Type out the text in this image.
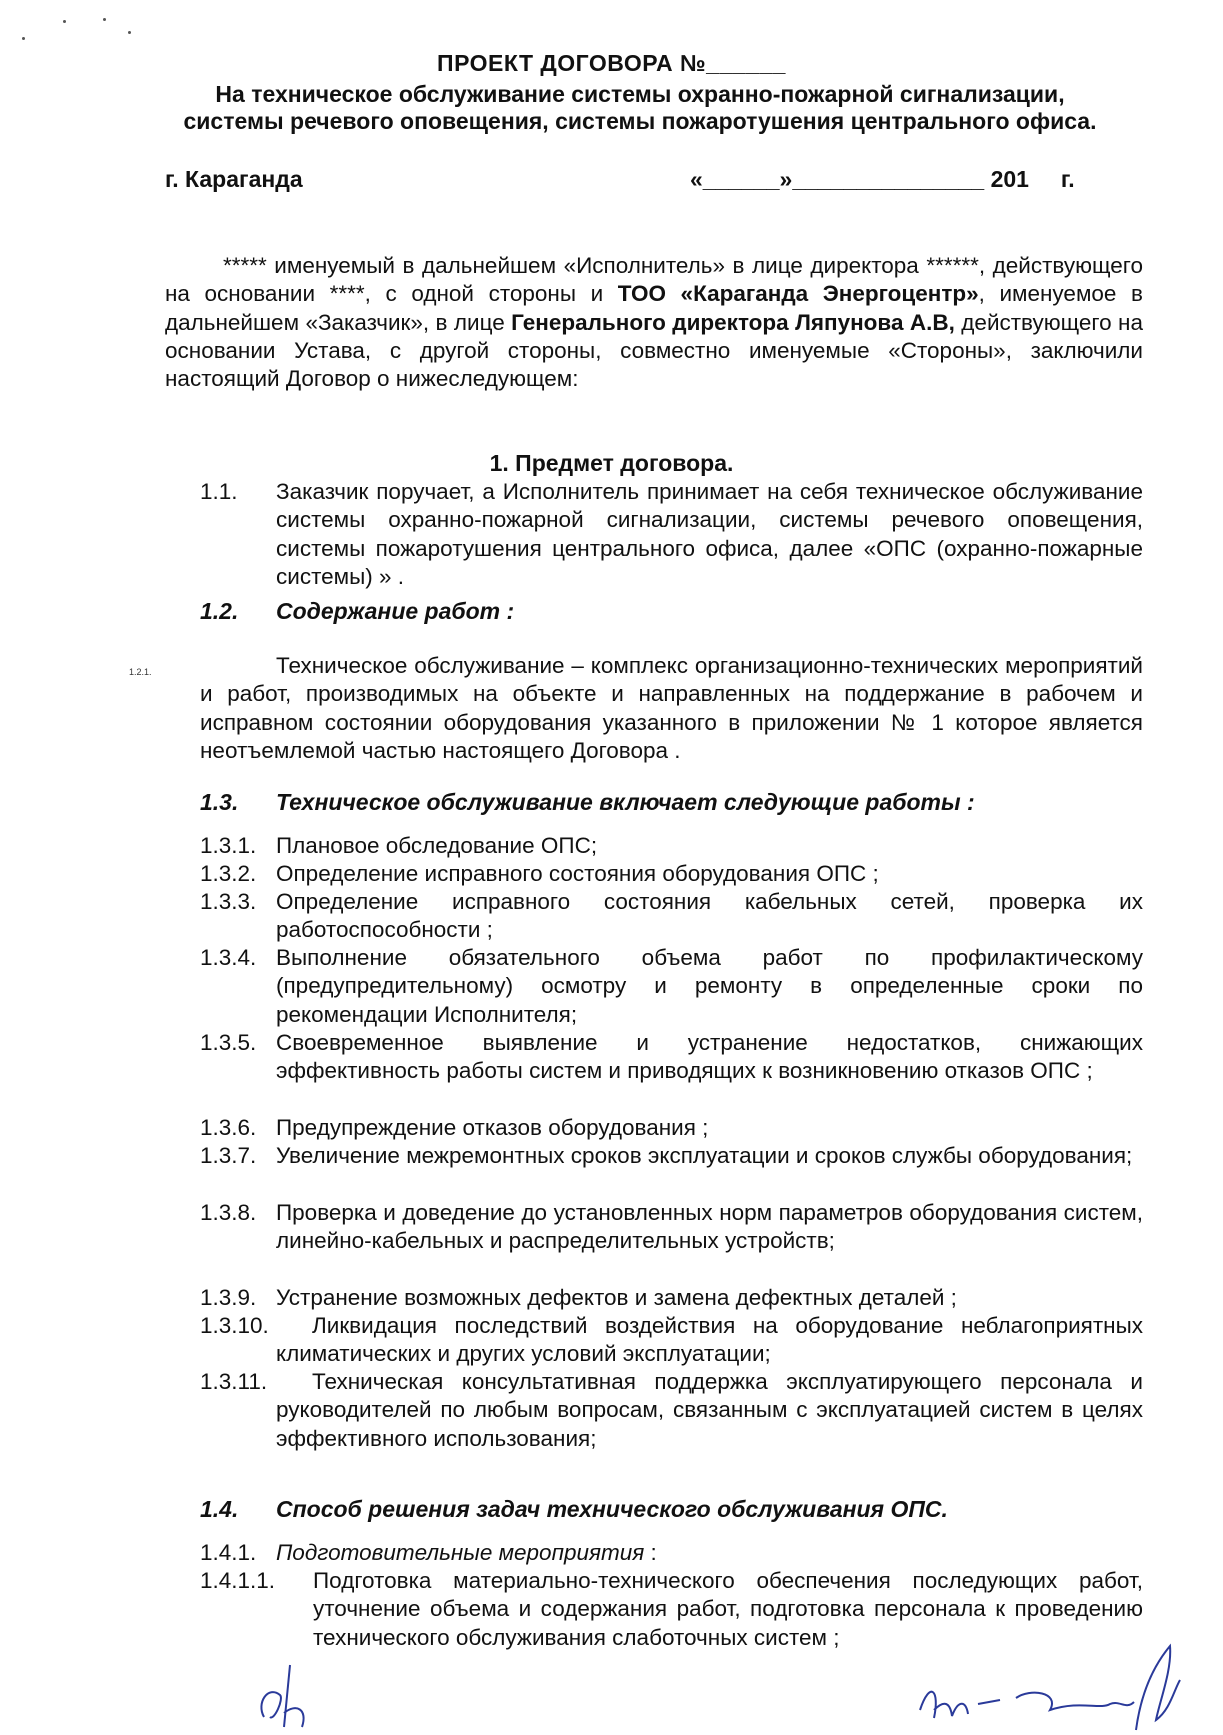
ПРОЕКТ ДОГОВОРА №______
На техническое обслуживание системы охранно-пожарной сигнализации, системы речевого оповещения, системы пожаротушения центрального офиса.
г. Караганда	«______»_______________ 201     г.
***** именуемый в дальнейшем «Исполнитель» в лице директора ******, действующего на основании ****, с одной стороны и ТОО «Караганда Энергоцентр», именуемое в дальнейшем «Заказчик», в лице Генерального директора Ляпунова А.В, действующего на основании Устава, с другой стороны, совместно именуемые «Стороны», заключили настоящий Договор о нижеследующем:
1. Предмет договора.
1.1. Заказчик поручает, а Исполнитель принимает на себя техническое обслуживание системы охранно-пожарной сигнализации, системы речевого оповещения, системы пожаротушения центрального офиса, далее «ОПС (охранно-пожарные системы) » .
1.2. Содержание работ :
1.2.1.	Техническое обслуживание – комплекс организационно-технических мероприятий и работ, производимых на объекте и направленных на поддержание в рабочем и исправном состоянии оборудования указанного в приложении № 1 которое является неотъемлемой частью настоящего Договора .
1.3. Техническое обслуживание включает следующие работы :
1.3.1. Плановое обследование ОПС;
1.3.2. Определение исправного состояния оборудования ОПС ;
1.3.3. Определение исправного состояния кабельных сетей, проверка их работоспособности ;
1.3.4. Выполнение обязательного объема работ по профилактическому (предупредительному) осмотру и ремонту в определенные сроки по рекомендации Исполнителя;
1.3.5. Своевременное выявление и устранение недостатков, снижающих эффективность работы систем и приводящих к возникновению отказов ОПС ;
1.3.6. Предупреждение отказов оборудования ;
1.3.7. Увеличение межремонтных сроков эксплуатации и сроков службы оборудования;
1.3.8. Проверка и доведение до установленных норм параметров оборудования систем, линейно-кабельных и распределительных устройств;
1.3.9. Устранение возможных дефектов и замена дефектных деталей ;
1.3.10.	Ликвидация последствий воздействия на оборудование неблагоприятных климатических и других условий эксплуатации;
1.3.11.	Техническая консультативная поддержка эксплуатирующего персонала и руководителей по любым вопросам, связанным с эксплуатацией систем в целях эффективного использования;
1.4. Способ решения задач технического обслуживания ОПС.
1.4.1. Подготовительные мероприятия :
1.4.1.1. Подготовка материально-технического обеспечения последующих работ, уточнение объема и содержания работ, подготовка персонала к проведению технического обслуживания слаботочных систем ;
